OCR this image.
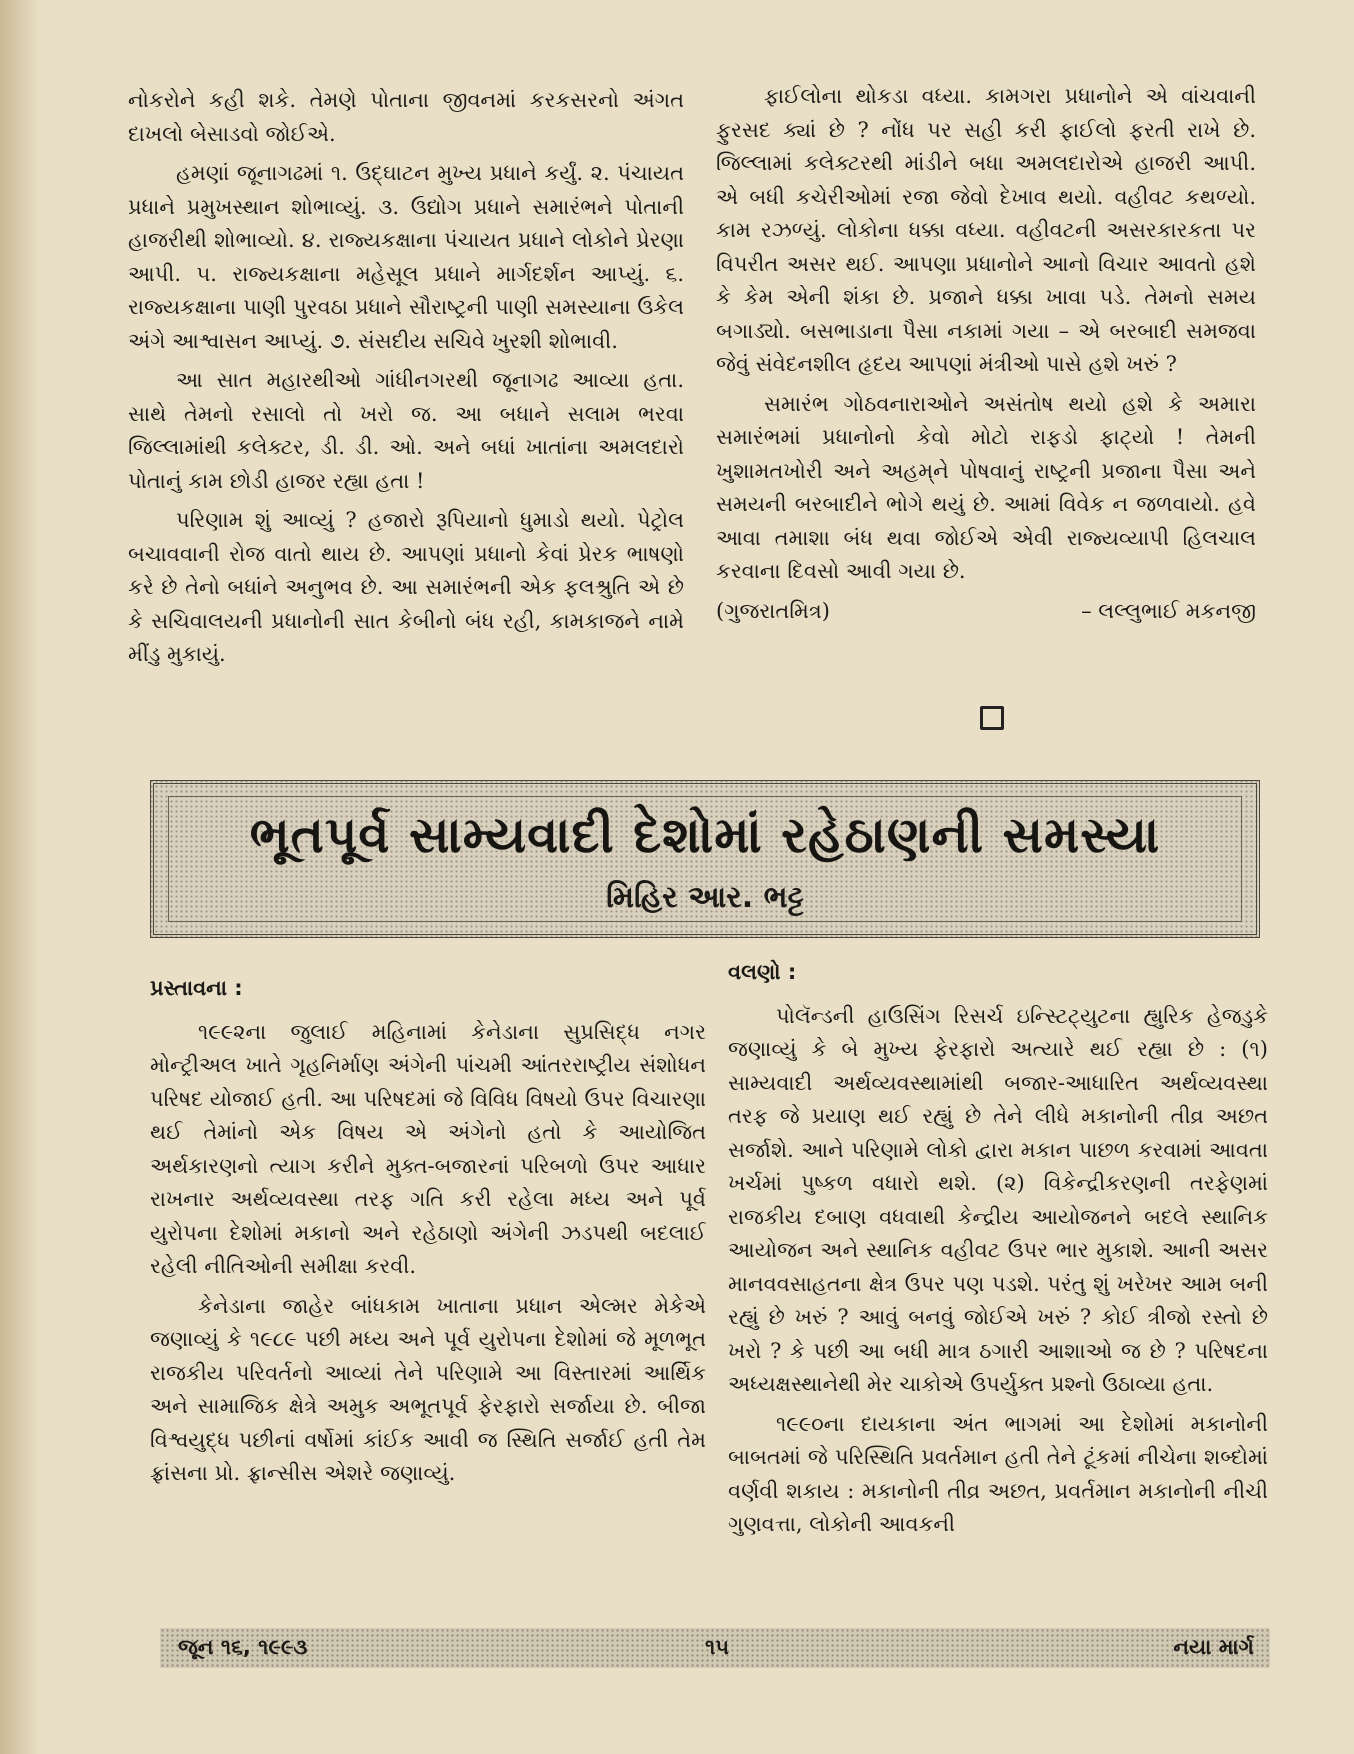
નોકરોને કહી શકે. તેમણે પોતાના જીવનમાં કરકસરનો અંગત દાખલો બેસાડવો જોઈએ.

હમણાં જૂનાગઢમાં ૧. ઉદ્‌ઘાટન મુખ્ય પ્રધાને કર્યું. ૨. પંચાયત પ્રધાને પ્રમુખસ્થાન શોભાવ્યું. ૩. ઉદ્યોગ પ્રધાને સમારંભને પોતાની હાજરીથી શોભાવ્યો. ૪. રાજ્યકક્ષાના પંચાયત પ્રધાને લોકોને પ્રેરણા આપી. ૫. રાજ્યકક્ષાના મહેસૂલ પ્રધાને માર્ગદર્શન આપ્યું. ૬. રાજ્યકક્ષાના પાણી પુરવઠા પ્રધાને સૌરાષ્ટ્રની પાણી સમસ્યાના ઉકેલ અંગે આશ્વાસન આપ્યું. ૭. સંસદીય સચિવે ખુરશી શોભાવી.

આ સાત મહારથીઓ ગાંધીનગરથી જૂનાગઢ આવ્યા હતા. સાથે તેમનો રસાલો તો ખરો જ. આ બધાને સલામ ભરવા જિલ્લામાંથી કલેક્ટર, ડી. ડી. ઓ. અને બધાં ખાતાંના અમલદારો પોતાનું કામ છોડી હાજર રહ્યા હતા !

પરિણામ શું આવ્યું ? હજારો રૂપિયાનો ધુમાડો થયો. પેટ્રોલ બચાવવાની રોજ વાતો થાય છે. આપણાં પ્રધાનો કેવાં પ્રેરક ભાષણો કરે છે તેનો બધાંને અનુભવ છે. આ સમારંભની એક ફલશ્રુતિ એ છે કે સચિવાલયની પ્રધાનોની સાત કેબીનો બંધ રહી, કામકાજને નામે મીંડુ મુકાયું.

ફાઈલોના થોકડા વધ્યા. કામગરા પ્રધાનોને એ વાંચવાની ફુરસદ ક્યાં છે ? નોંધ પર સહી કરી ફાઈલો ફરતી રાખે છે. જિલ્લામાં કલેક્ટરથી માંડીને બધા અમલદારોએ હાજરી આપી. એ બધી કચેરીઓમાં રજા જેવો દેખાવ થયો. વહીવટ કથળ્યો. કામ રઝળ્યું. લોકોના ધક્કા વધ્યા. વહીવટની અસરકારકતા પર વિપરીત અસર થઈ. આપણા પ્રધાનોને આનો વિચાર આવતો હશે કે કેમ એની શંકા છે. પ્રજાને ધક્કા ખાવા પડે. તેમનો સમય બગાડ્યો. બસભાડાના પૈસા નકામાં ગયા – એ બરબાદી સમજવા જેવું સંવેદનશીલ હૃદય આપણાં મંત્રીઓ પાસે હશે ખરું ?

સમારંભ ગોઠવનારાઓને અસંતોષ થયો હશે કે અમારા સમારંભમાં પ્રધાનોનો કેવો મોટો રાફડો ફાટ્યો ! તેમની ખુશામતખોરી અને અહમ્‌ને પોષવાનું રાષ્ટ્રની પ્રજાના પૈસા અને સમયની બરબાદીને ભોગે થયું છે. આમાં વિવેક ન જળવાયો. હવે આવા તમાશા બંધ થવા જોઈએ એવી રાજ્યવ્યાપી હિલચાલ કરવાના દિવસો આવી ગયા છે.

(ગુજરાતમિત્ર)	– લલ્લુભાઈ મકનજી
ભૂતપૂર્વ સામ્યવાદી દેશોમાં રહેઠાણની સમસ્યા
મિહિર આર. ભટ્ટ

પ્રસ્તાવના :

૧૯૯૨ના જુલાઈ મહિનામાં કેનેડાના સુપ્રસિદ્ધ નગર મોન્ટ્રીઅલ ખાતે ગૃહનિર્માણ અંગેની પાંચમી આંતરરાષ્ટ્રીય સંશોધન પરિષદ યોજાઈ હતી. આ પરિષદમાં જે વિવિધ વિષયો ઉપર વિચારણા થઈ તેમાંનો એક વિષય એ અંગેનો હતો કે આયોજિત અર્થકારણનો ત્યાગ કરીને મુક્ત-બજારનાં પરિબળો ઉપર આધાર રાખનાર અર્થવ્યવસ્થા તરફ ગતિ કરી રહેલા મધ્ય અને પૂર્વ યુરોપના દેશોમાં મકાનો અને રહેઠાણો અંગેની ઝડપથી બદલાઈ રહેલી નીતિઓની સમીક્ષા કરવી.

કેનેડાના જાહેર બાંધકામ ખાતાના પ્રધાન એલ્મર મેકેએ જણાવ્યું કે ૧૯૮૯ પછી મધ્ય અને પૂર્વ યુરોપના દેશોમાં જે મૂળભૂત રાજકીય પરિવર્તનો આવ્યાં તેને પરિણામે આ વિસ્તારમાં આર્થિક અને સામાજિક ક્ષેત્રે અમુક અભૂતપૂર્વ ફેરફારો સર્જાયા છે. બીજા વિશ્વયુદ્ધ પછીનાં વર્ષોમાં કાંઈક આવી જ સ્થિતિ સર્જાઈ હતી તેમ ફ્રાંસના પ્રો. ફ્રાન્સીસ એશરે જણાવ્યું.

વલણો :

પોલૅન્ડની હાઉસિંગ રિસર્ચ ઇન્સ્ટિટ્યુટના હ્યુરિક હેજડુકે જણાવ્યું કે બે મુખ્ય ફેરફારો અત્યારે થઈ રહ્યા છે : (૧) સામ્યવાદી અર્થવ્યવસ્થામાંથી બજાર-આધારિત અર્થવ્યવસ્થા તરફ જે પ્રયાણ થઈ રહ્યું છે તેને લીધે મકાનોની તીવ્ર અછત સર્જાશે. આને પરિણામે લોકો દ્વારા મકાન પાછળ કરવામાં આવતા ખર્ચમાં પુષ્કળ વધારો થશે. (૨) વિકેન્દ્રીકરણની તરફેણમાં રાજકીય દબાણ વધવાથી કેન્દ્રીય આયોજનને બદલે સ્થાનિક આયોજન અને સ્થાનિક વહીવટ ઉપર ભાર મુકાશે. આની અસર માનવવસાહતના ક્ષેત્ર ઉપર પણ પડશે. પરંતુ શું ખરેખર આમ બની રહ્યું છે ખરું ? આવું બનવું જોઈએ ખરું ? કોઈ ત્રીજો રસ્તો છે ખરો ? કે પછી આ બધી માત્ર ઠગારી આશાઓ જ છે ? પરિષદના અધ્યક્ષસ્થાનેથી મેર ચાકોએ ઉપર્યુક્ત પ્રશ્નો ઉઠાવ્યા હતા.

૧૯૯૦ના દાયકાના અંત ભાગમાં આ દેશોમાં મકાનોની બાબતમાં જે પરિસ્થિતિ પ્રવર્તમાન હતી તેને ટૂંકમાં નીચેના શબ્દોમાં વર્ણવી શકાય : મકાનોની તીવ્ર અછત, પ્રવર્તમાન મકાનોની નીચી ગુણવત્તા, લોકોની આવકની

જૂન ૧૬, ૧૯૯૩	૧૫	નયા માર્ગ
